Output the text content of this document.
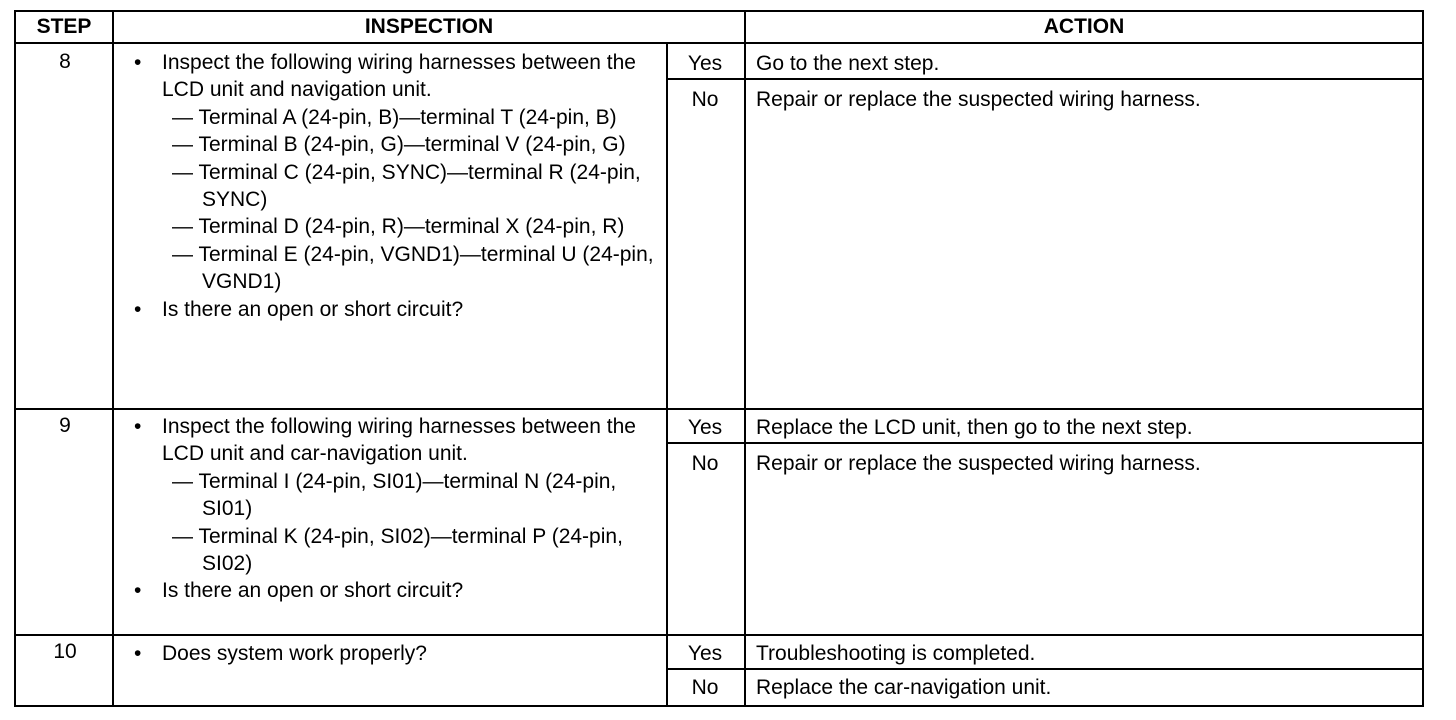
STEP	INSPECTION	ACTION
8	• Inspect the following wiring harnesses between the LCD unit and navigation unit.
— Terminal A (24-pin, B)—terminal T (24-pin, B)
— Terminal B (24-pin, G)—terminal V (24-pin, G)
— Terminal C (24-pin, SYNC)—terminal R (24-pin, SYNC)
— Terminal D (24-pin, R)—terminal X (24-pin, R)
— Terminal E (24-pin, VGND1)—terminal U (24-pin, VGND1)
• Is there an open or short circuit?
Yes	Go to the next step.
No	Repair or replace the suspected wiring harness.
9	• Inspect the following wiring harnesses between the LCD unit and car-navigation unit.
— Terminal I (24-pin, SI01)—terminal N (24-pin, SI01)
— Terminal K (24-pin, SI02)—terminal P (24-pin, SI02)
• Is there an open or short circuit?
Yes	Replace the LCD unit, then go to the next step.
No	Repair or replace the suspected wiring harness.
10	• Does system work properly?	Yes	Troubleshooting is completed.
No	Replace the car-navigation unit.
